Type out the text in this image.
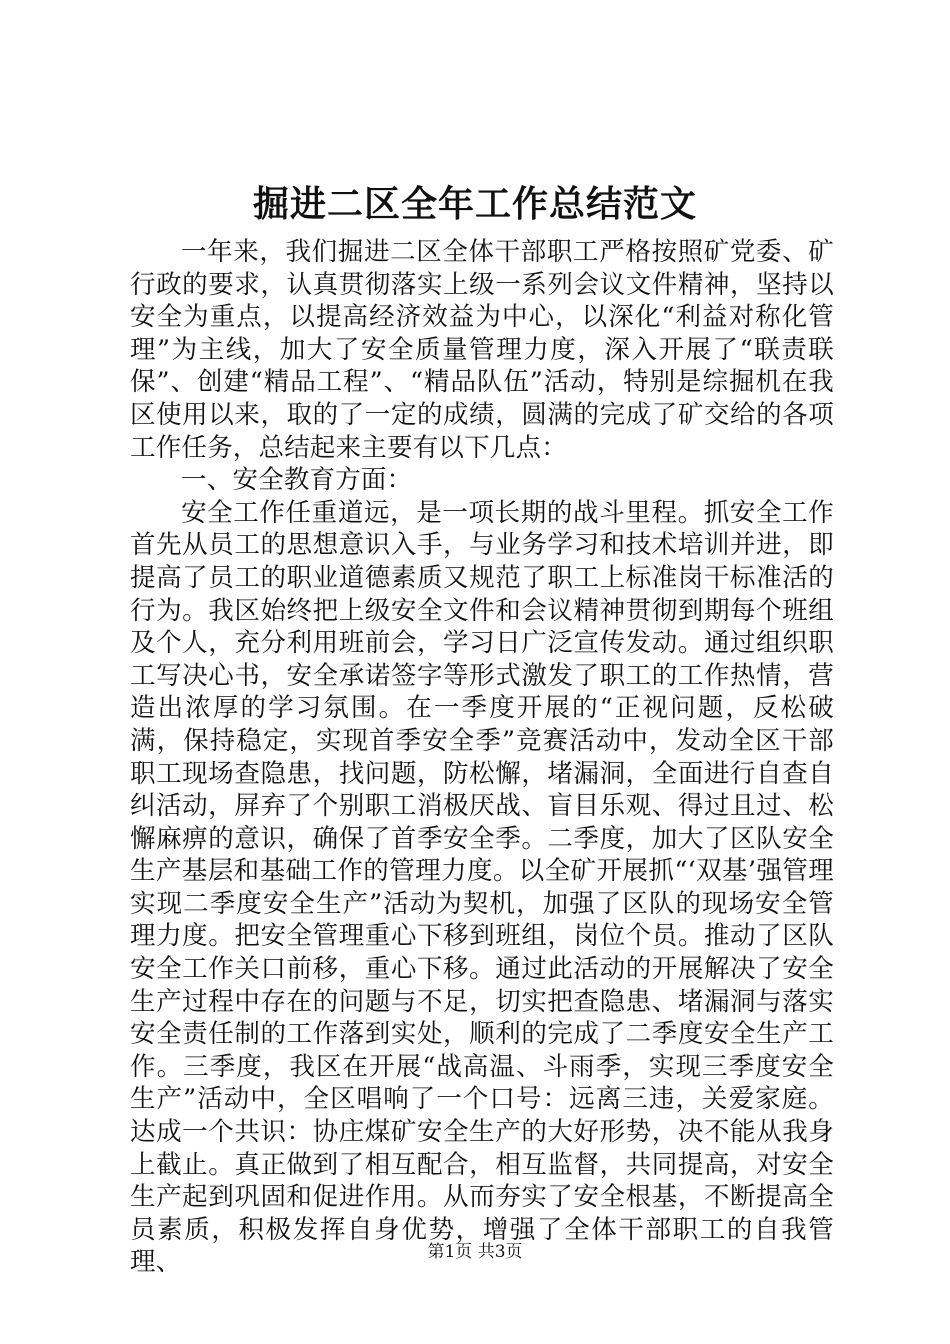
掘进二区全年工作总结范文

一年来，我们掘进二区全体干部职工严格按照矿党委、矿行政的要求，认真贯彻落实上级一系列会议文件精神，坚持以安全为重点，以提高经济效益为中心，以深化“利益对称化管理”为主线，加大了安全质量管理力度，深入开展了“联责联保”、创建“精品工程”、“精品队伍”活动，特别是综掘机在我区使用以来，取的了一定的成绩，圆满的完成了矿交给的各项工作任务，总结起来主要有以下几点：

一、安全教育方面：

安全工作任重道远，是一项长期的战斗里程。抓安全工作首先从员工的思想意识入手，与业务学习和技术培训并进，即提高了员工的职业道德素质又规范了职工上标准岗干标准活的行为。我区始终把上级安全文件和会议精神贯彻到期每个班组及个人，充分利用班前会，学习日广泛宣传发动。通过组织职工写决心书，安全承诺签字等形式激发了职工的工作热情，营造出浓厚的学习氛围。在一季度开展的“正视问题，反松破满，保持稳定，实现首季安全季”竞赛活动中，发动全区干部职工现场查隐患，找问题，防松懈，堵漏洞，全面进行自查自纠活动，屏弃了个别职工消极厌战、盲目乐观、得过且过、松懈麻痹的意识，确保了首季安全季。二季度，加大了区队安全生产基层和基础工作的管理力度。以全矿开展抓“‘双基’强管理实现二季度安全生产”活动为契机，加强了区队的现场安全管理力度。把安全管理重心下移到班组，岗位个员。推动了区队安全工作关口前移，重心下移。通过此活动的开展解决了安全生产过程中存在的问题与不足，切实把查隐患、堵漏洞与落实安全责任制的工作落到实处，顺利的完成了二季度安全生产工作。三季度，我区在开展“战高温、斗雨季，实现三季度安全生产”活动中，全区唱响了一个口号：远离三违，关爱家庭。达成一个共识：协庄煤矿安全生产的大好形势，决不能从我身上截止。真正做到了相互配合，相互监督，共同提高，对安全生产起到巩固和促进作用。从而夯实了安全根基，不断提高全员素质，积极发挥自身优势，增强了全体干部职工的自我管理、	第1页 共3页
